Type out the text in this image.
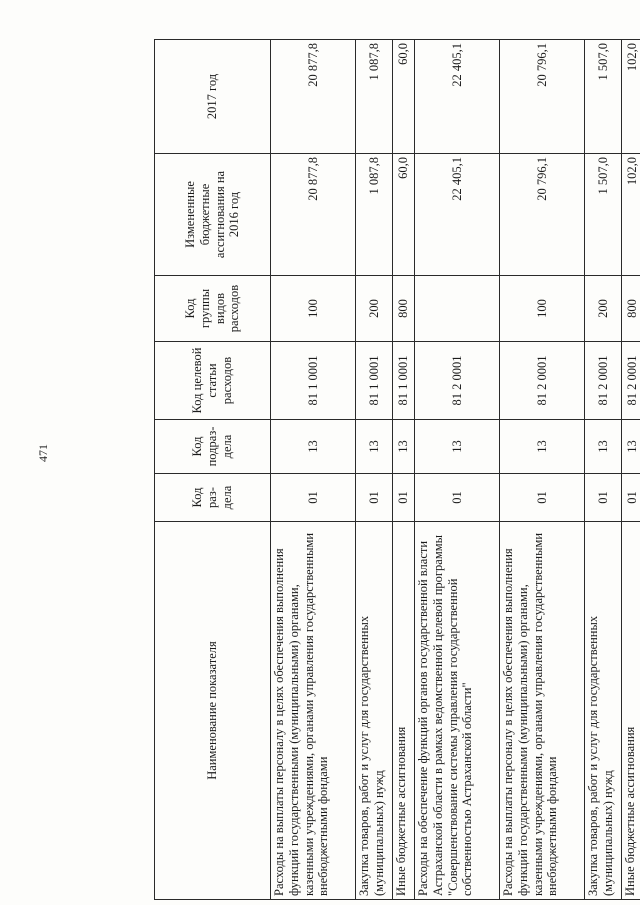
471
Наименование показателя	Код раз-дела	Код подраз-дела	Код целевой статьи расходов	Код группы видов расходов	Измененные бюджетные ассигнования на 2016 год	2017 год
Расходы на выплаты персоналу в целях обеспечения выполнения функций государственными (муниципальными) органами, казенными учреждениями, органами управления государственными внебюджетными фондами	01	13	81 1 0001	100	20 877,8	20 877,8
Закупка товаров, работ и услуг для государственных (муниципальных) нужд	01	13	81 1 0001	200	1 087,8	1 087,8
Иные бюджетные ассигнования	01	13	81 1 0001	800	60,0	60,0
Расходы на обеспечение функций органов государственной власти Астраханской области в рамках ведомственной целевой программы "Совершенствование системы управления государственной собственностью Астраханской области"	01	13	81 2 0001		22 405,1	22 405,1
Расходы на выплаты персоналу в целях обеспечения выполнения функций государственными (муниципальными) органами, казенными учреждениями, органами управления государственными внебюджетными фондами	01	13	81 2 0001	100	20 796,1	20 796,1
Закупка товаров, работ и услуг для государственных (муниципальных) нужд	01	13	81 2 0001	200	1 507,0	1 507,0
Иные бюджетные ассигнования	01	13	81 2 0001	800	102,0	102,0
